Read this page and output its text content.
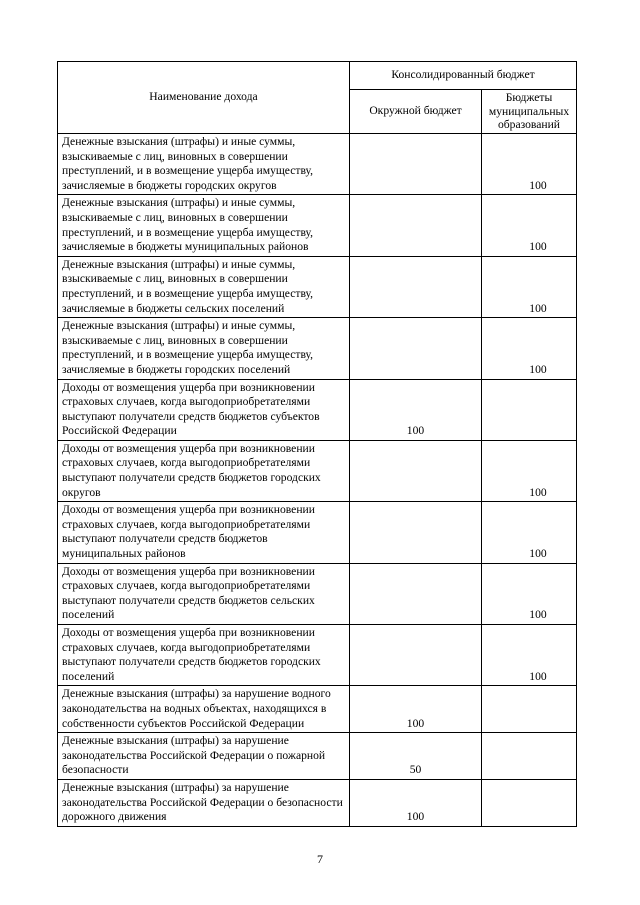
Наименование дохода	Консолидированный бюджет	
	Окружной бюджет	Бюджеты муниципальных образований
Денежные взыскания (штрафы) и иные суммы, взыскиваемые с лиц, виновных в совершении преступлений, и в возмещение ущерба имуществу, зачисляемые в бюджеты городских округов		100
Денежные взыскания (штрафы) и иные суммы, взыскиваемые с лиц, виновных в совершении преступлений, и в возмещение ущерба имуществу, зачисляемые в бюджеты муниципальных районов		100
Денежные взыскания (штрафы) и иные суммы, взыскиваемые с лиц, виновных в совершении преступлений, и в возмещение ущерба имуществу, зачисляемые в бюджеты сельских поселений		100
Денежные взыскания (штрафы) и иные суммы, взыскиваемые с лиц, виновных в совершении преступлений, и в возмещение ущерба имуществу, зачисляемые в бюджеты городских поселений		100
Доходы от возмещения ущерба при возникновении страховых случаев, когда выгодоприобретателями выступают получатели средств бюджетов субъектов Российской Федерации	100	
Доходы от возмещения ущерба при возникновении страховых случаев, когда выгодоприобретателями выступают получатели средств бюджетов городских округов		100
Доходы от возмещения ущерба при возникновении страховых случаев, когда выгодоприобретателями выступают получатели средств бюджетов муниципальных районов		100
Доходы от возмещения ущерба при возникновении страховых случаев, когда выгодоприобретателями выступают получатели средств бюджетов сельских поселений		100
Доходы от возмещения ущерба при возникновении страховых случаев, когда выгодоприобретателями выступают получатели средств бюджетов городских поселений		100
Денежные взыскания (штрафы) за нарушение водного законодательства на водных объектах, находящихся в собственности субъектов Российской Федерации	100	
Денежные взыскания (штрафы) за нарушение законодательства Российской Федерации о пожарной безопасности	50	
Денежные взыскания (штрафы) за нарушение законодательства Российской Федерации о безопасности дорожного движения	100	
7
